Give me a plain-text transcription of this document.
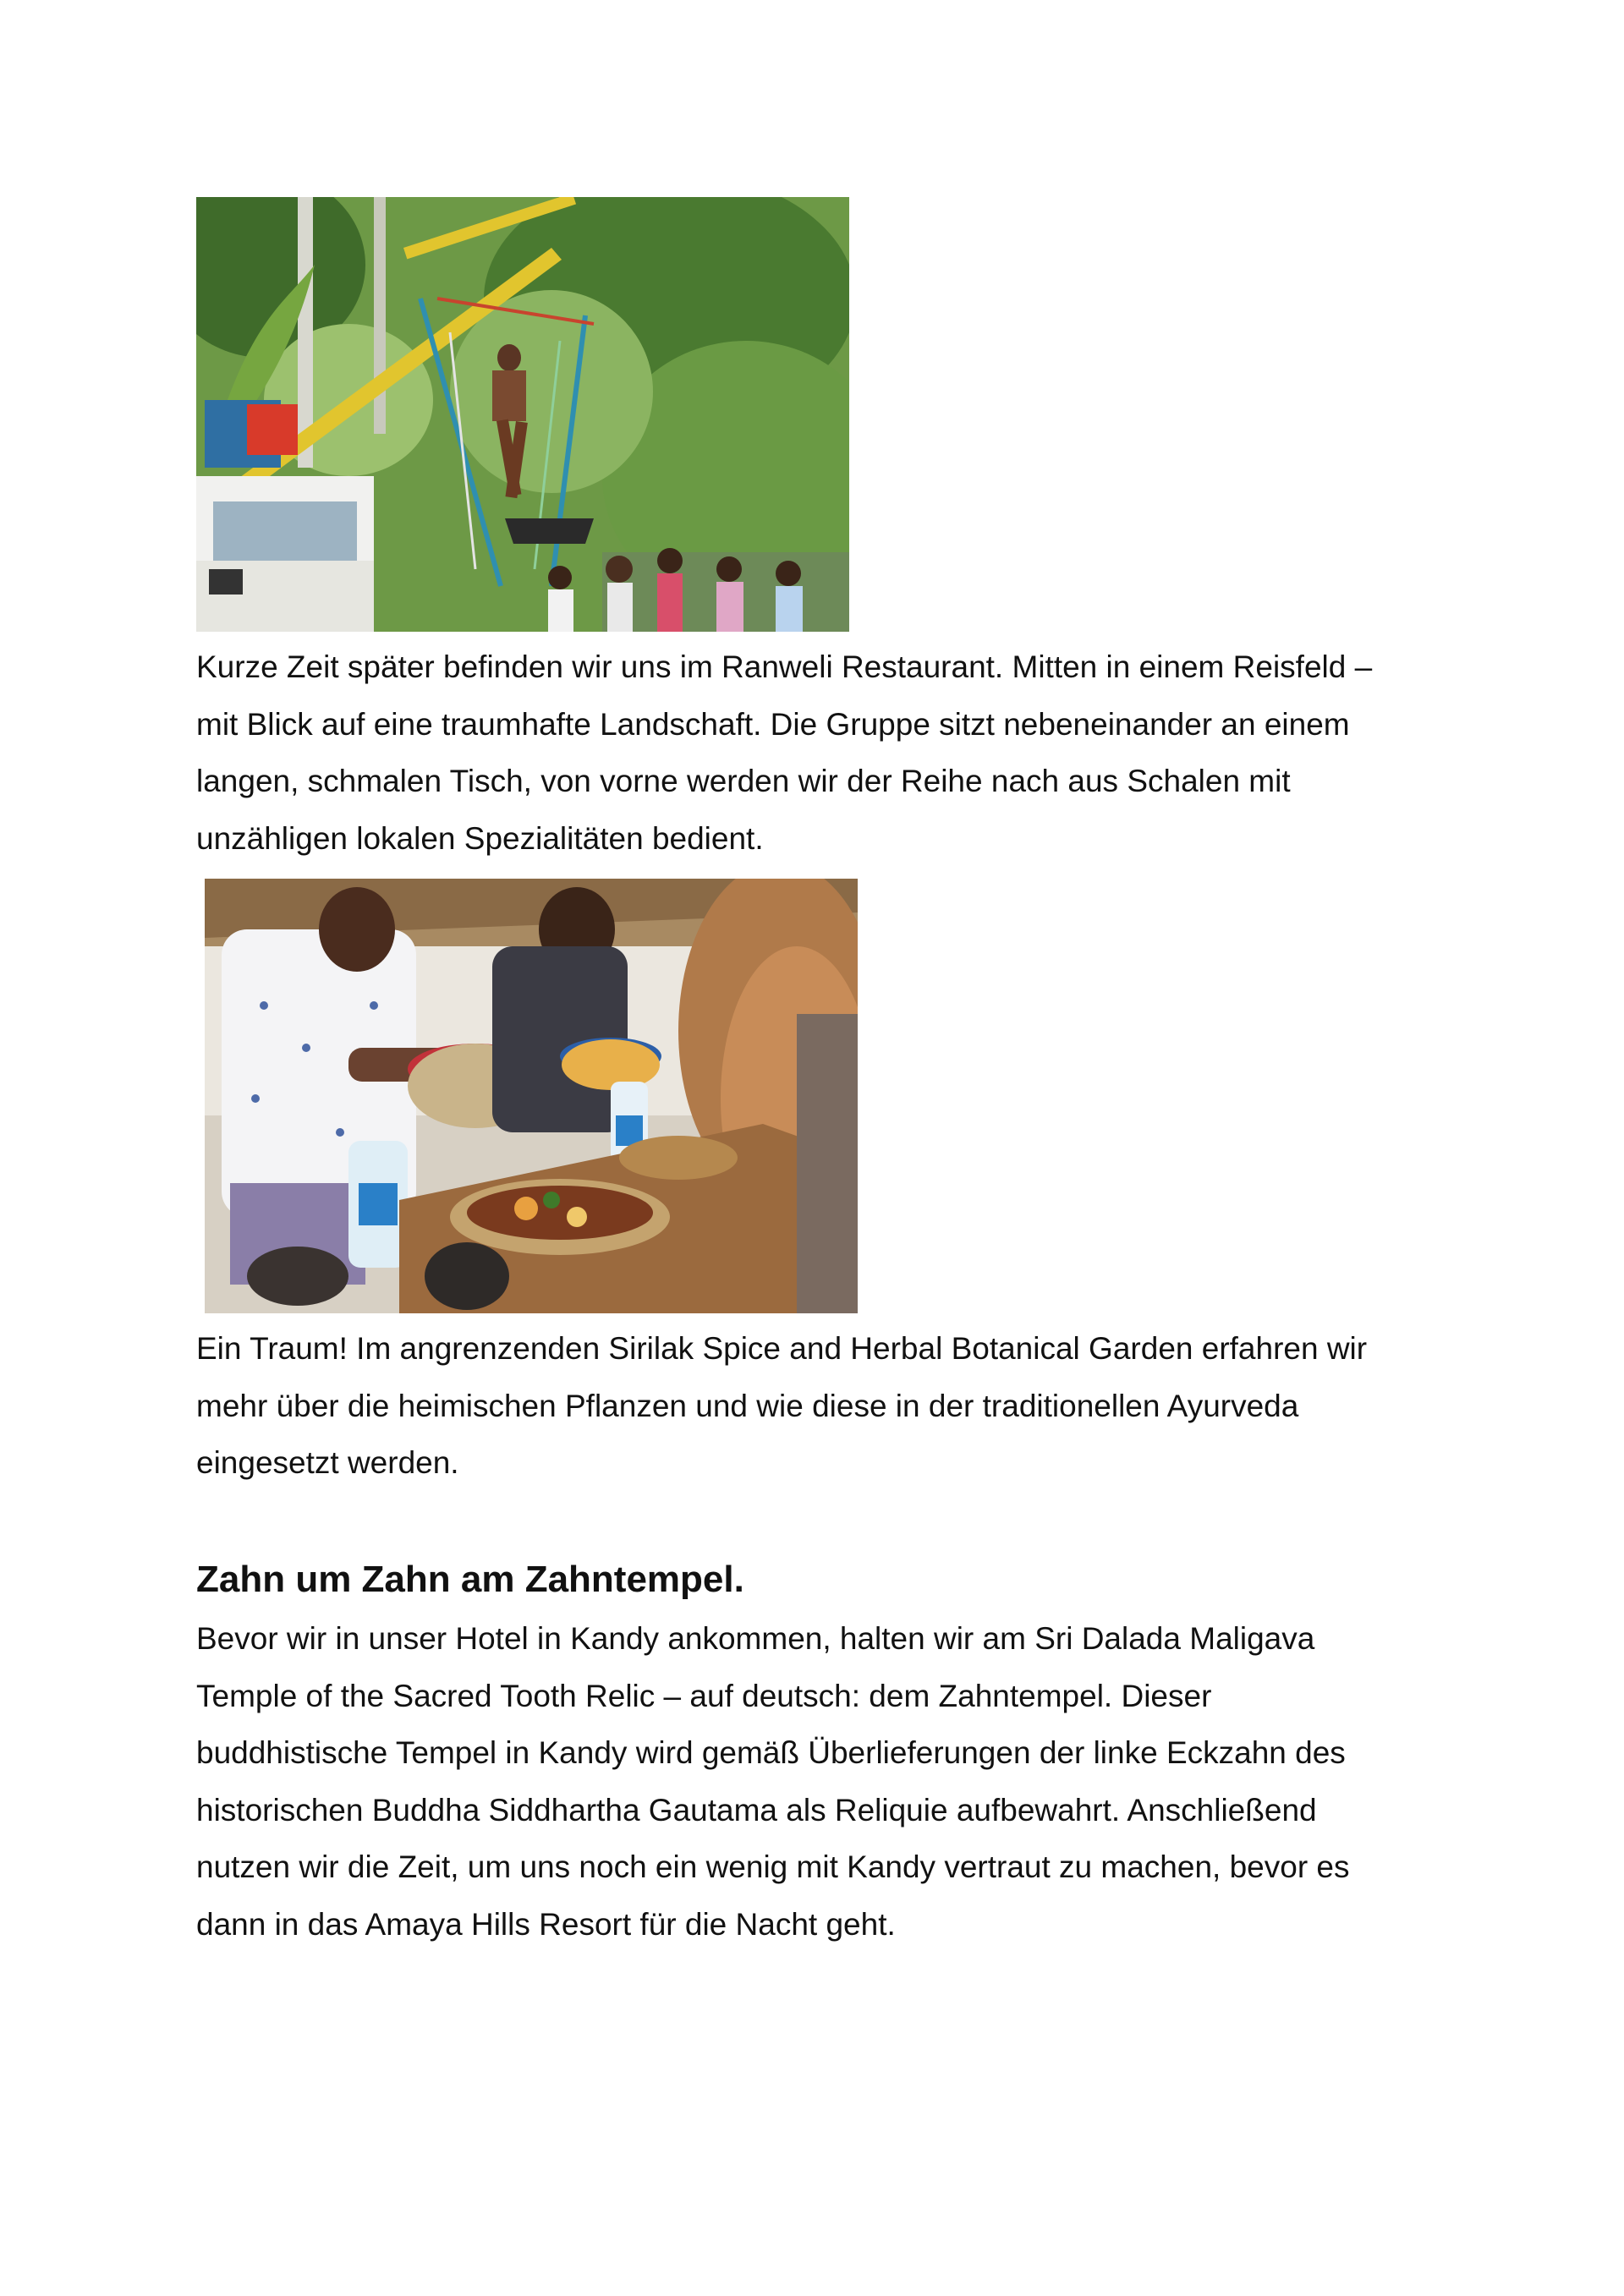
Kurze Zeit später befinden wir uns im Ranweli Restaurant. Mitten in einem Reisfeld –
mit Blick auf eine traumhafte Landschaft. Die Gruppe sitzt nebeneinander an einem
langen, schmalen Tisch, von vorne werden wir der Reihe nach aus Schalen mit
unzähligen lokalen Spezialitäten bedient.

Ein Traum! Im angrenzenden Sirilak Spice and Herbal Botanical Garden erfahren wir
mehr über die heimischen Pflanzen und wie diese in der traditionellen Ayurveda
eingesetzt werden.

Zahn um Zahn am Zahntempel.

Bevor wir in unser Hotel in Kandy ankommen, halten wir am Sri Dalada Maligava
Temple of the Sacred Tooth Relic – auf deutsch: dem Zahntempel. Dieser
buddhistische Tempel in Kandy wird gemäß Überlieferungen der linke Eckzahn des
historischen Buddha Siddhartha Gautama als Reliquie aufbewahrt. Anschließend
nutzen wir die Zeit, um uns noch ein wenig mit Kandy vertraut zu machen, bevor es
dann in das Amaya Hills Resort für die Nacht geht.
